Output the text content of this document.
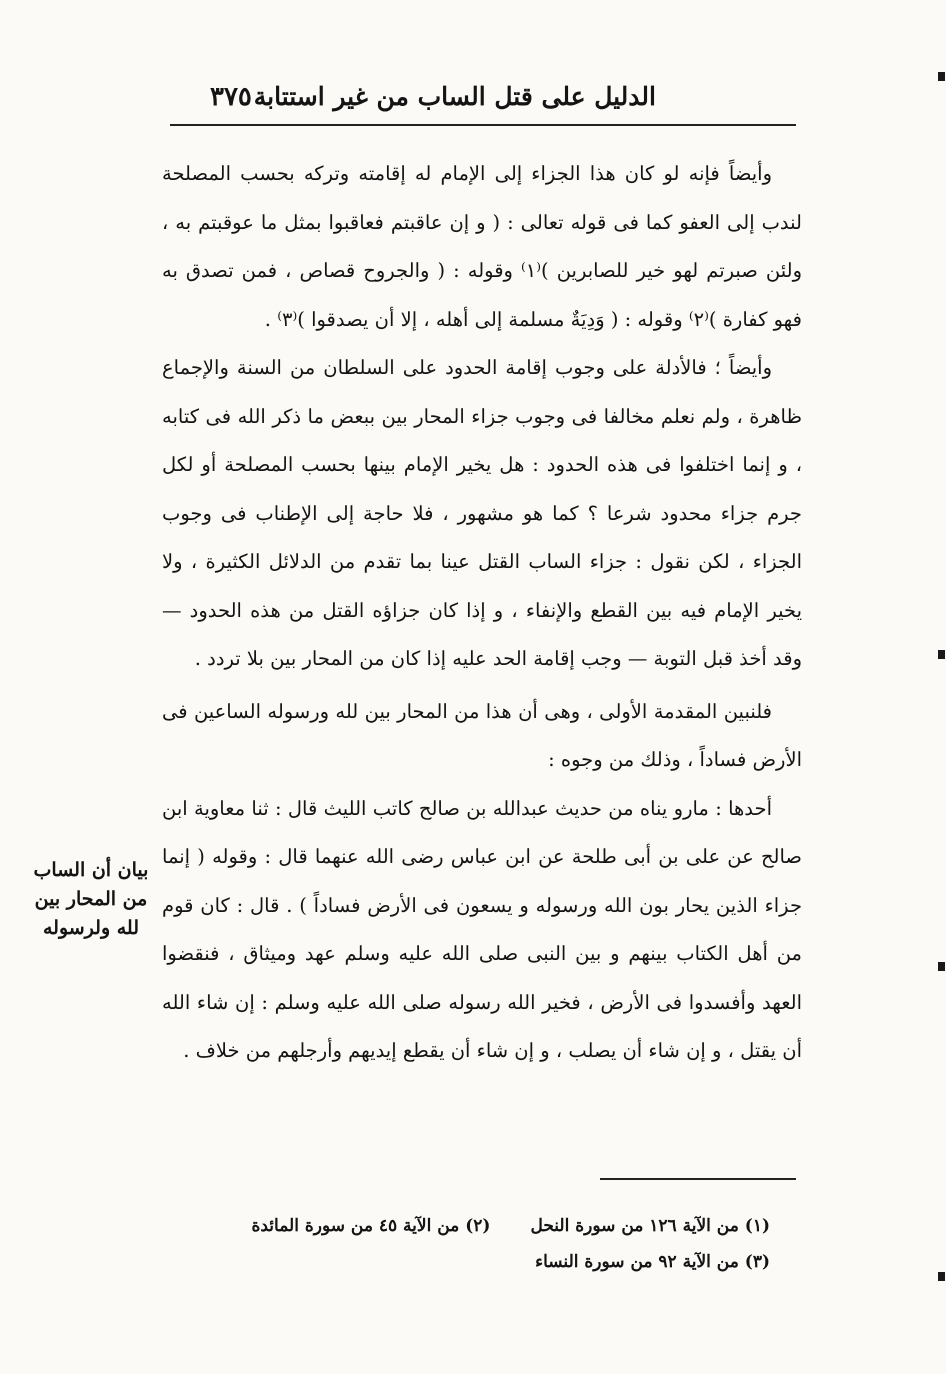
الدليل على قتل الساب من غير استتابة
٣٧٥

وأيضاً فإنه لو كان هذا الجزاء إلى الإمام له إقامته وتركه بحسب المصلحة لندب إلى العفو كما فى قوله تعالى : ( و إن عاقبتم فعاقبوا بمثل ما عوقبتم به ، ولئن صبرتم لهو خير للصابرين )⁽١⁾ وقوله : ( والجروح قصاص ، فمن تصدق به فهو كفارة )⁽٢⁾ وقوله : ( وَدِيَةٌ مسلمة إلى أهله ، إلا أن يصدقوا )⁽٣⁾ .

وأيضاً ؛ فالأدلة على وجوب إقامة الحدود على السلطان من السنة والإجماع ظاهرة ، ولم نعلم مخالفا فى وجوب جزاء المحار بين ببعض ما ذكر الله فى كتابه ، و إنما اختلفوا فى هذه الحدود : هل يخير الإمام بينها بحسب المصلحة أو لكل جرم جزاء محدود شرعا ؟ كما هو مشهور ، فلا حاجة إلى الإطناب فى وجوب الجزاء ، لكن نقول : جزاء الساب القتل عينا بما تقدم من الدلائل الكثيرة ، ولا يخير الإمام فيه بين القطع والإنفاء ، و إذا كان جزاؤه القتل من هذه الحدود — وقد أخذ قبل التوبة — وجب إقامة الحد عليه إذا كان من المحار بين بلا تردد .

فلنبين المقدمة الأولى ، وهى أن هذا من المحار بين لله ورسوله الساعين فى الأرض فساداً ، وذلك من وجوه :

أحدها : مارو يناه من حديث عبدالله بن صالح كاتب الليث قال : ثنا معاوية ابن صالح عن على بن أبى طلحة عن ابن عباس رضى الله عنهما قال : وقوله ( إنما جزاء الذين يحار بون الله ورسوله و يسعون فى الأرض فساداً ) . قال : كان قوم من أهل الكتاب بينهم و بين النبى صلى الله عليه وسلم عهد وميثاق ، فنقضوا العهد وأفسدوا فى الأرض ، فخير الله رسوله صلى الله عليه وسلم : إن شاء الله أن يقتل ، و إن شاء أن يصلب ، و إن شاء أن يقطع إيديهم وأرجلهم من خلاف .

بيان أن الساب
من المحار بين
لله ولرسوله
(١) من الآية ١٢٦ من سورة النحل
(٢) من الآية ٤٥ من سورة المائدة
(٣) من الآية ٩٢ من سورة النساء
